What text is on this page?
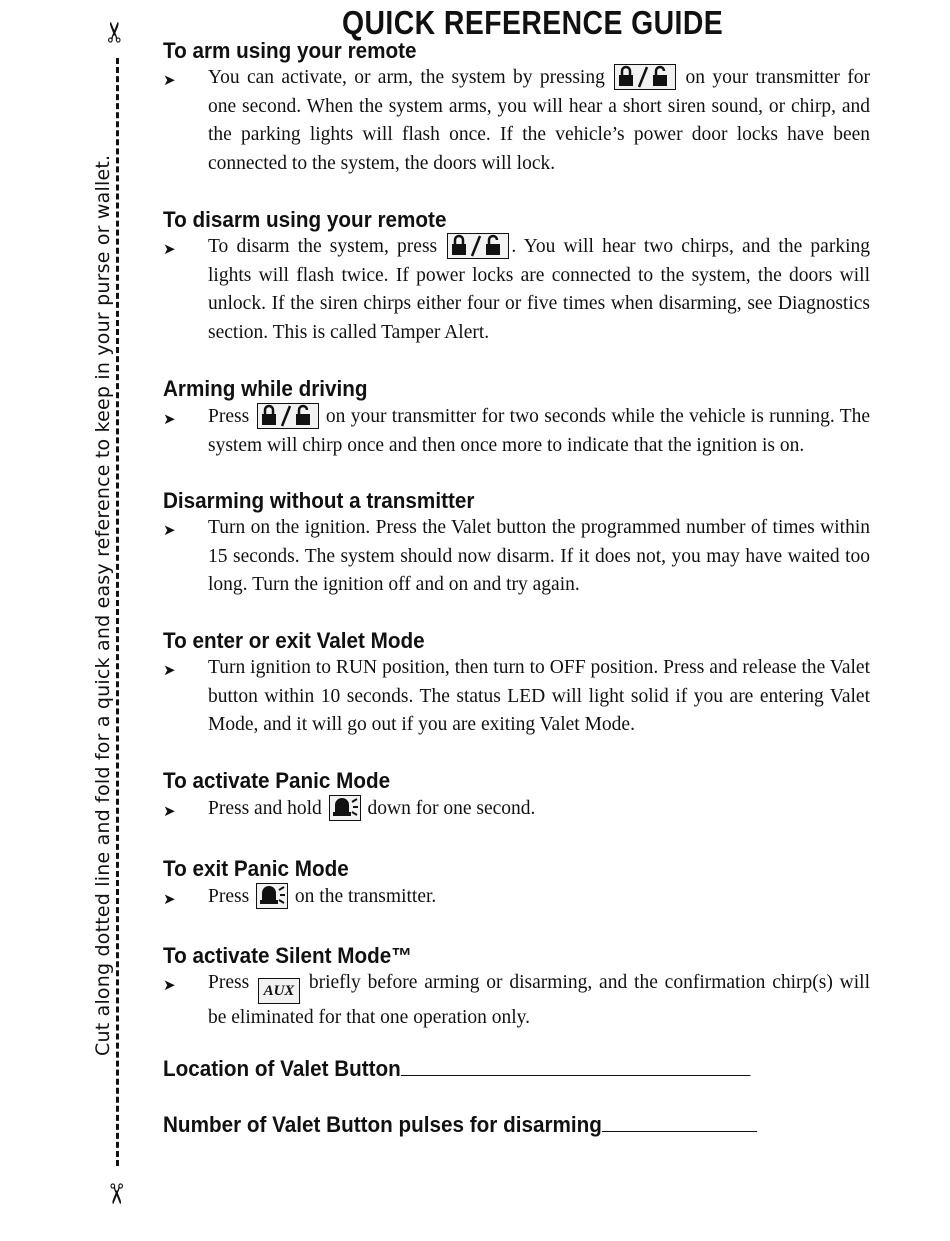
✂
✂
Cut along dotted line and fold for a quick and easy reference to keep in your purse or wallet.
QUICK REFERENCE GUIDE
To arm using your remote
➤ You can activate, or arm, the system by pressing	on your transmitter for one second. When the system arms, you will hear a short siren sound, or chirp, and the parking lights will flash once. If the vehicle’s power door locks have been connected to the system, the doors will lock.

To disarm using your remote
➤ To disarm the system, press	. You will hear two chirps, and the parking lights will flash twice. If power locks are connected to the system, the doors will unlock. If the siren chirps either four or five times when disarming, see Diagnostics section. This is called Tamper Alert.

Arming while driving
➤ Press	on your transmitter for two seconds while the vehicle is running. The system will chirp once and then once more to indicate that the ignition is on.

Disarming without a transmitter
➤ Turn on the ignition. Press the Valet button the programmed number of times within 15 seconds. The system should now disarm. If it does not, you may have waited too long. Turn the ignition off and on and try again.

To enter or exit Valet Mode
➤ Turn ignition to RUN position, then turn to OFF position. Press and release the Valet button within 10 seconds. The status LED will light solid if you are entering Valet Mode, and it will go out if you are exiting Valet Mode.

To activate Panic Mode
➤ Press and hold down for one second.

To exit Panic Mode
➤ Press on the transmitter.

To activate Silent Mode™
➤ Press AUX briefly before arming or disarming, and the confirmation chirp(s) will be eliminated for that one operation only.

Location of Valet Button
Number of Valet Button pulses for disarming
